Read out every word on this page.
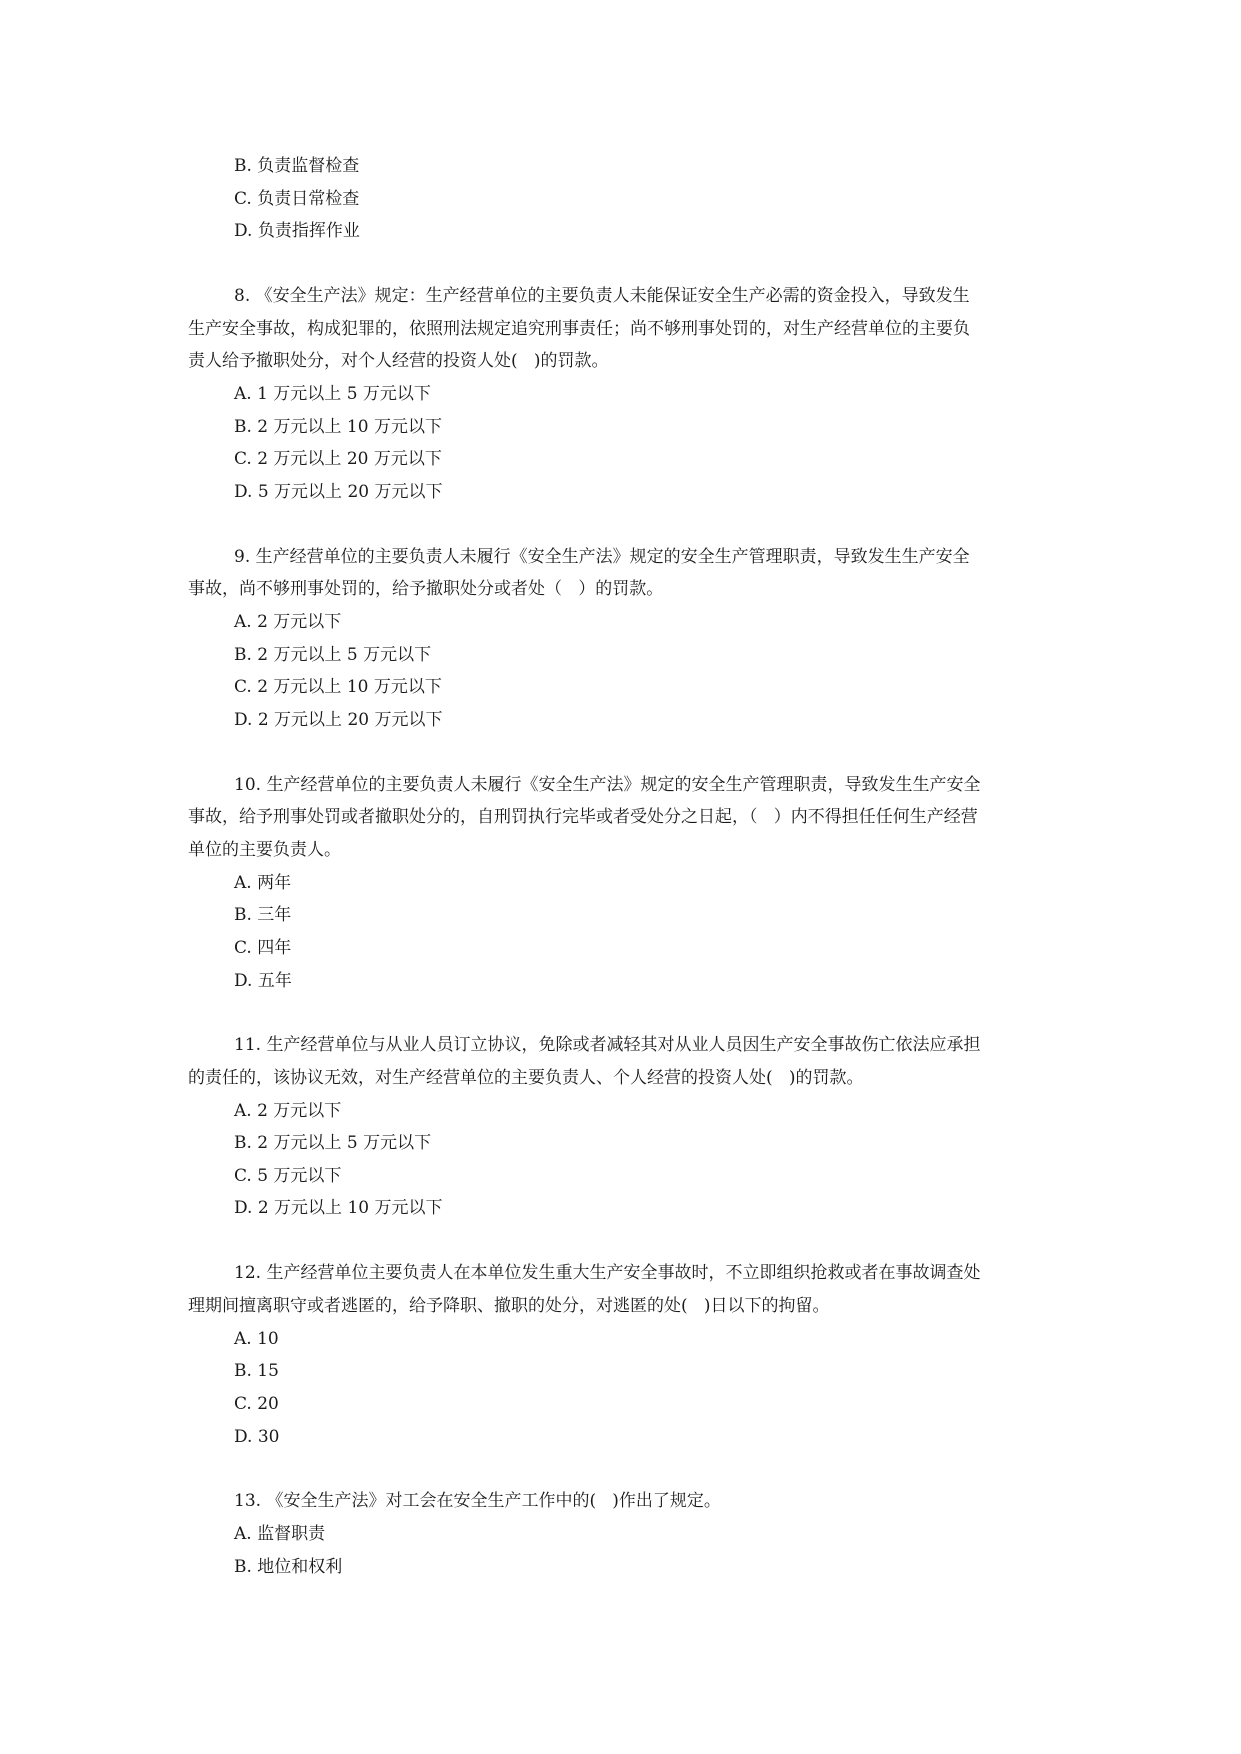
B. 负责监督检查
C. 负责日常检查
D. 负责指挥作业
8. 《安全生产法》规定：生产经营单位的主要负责人未能保证安全生产必需的资金投入，导致发生
生产安全事故，构成犯罪的，依照刑法规定追究刑事责任；尚不够刑事处罚的，对生产经营单位的主要负
责人给予撤职处分，对个人经营的投资人处(   )的罚款。
A. 1 万元以上 5 万元以下
B. 2 万元以上 10 万元以下
C. 2 万元以上 20 万元以下
D. 5 万元以上 20 万元以下
9. 生产经营单位的主要负责人未履行《安全生产法》规定的安全生产管理职责，导致发生生产安全
事故，尚不够刑事处罚的，给予撤职处分或者处（   ）的罚款。
A. 2 万元以下
B. 2 万元以上 5 万元以下
C. 2 万元以上 10 万元以下
D. 2 万元以上 20 万元以下
10. 生产经营单位的主要负责人未履行《安全生产法》规定的安全生产管理职责，导致发生生产安全
事故，给予刑事处罚或者撤职处分的，自刑罚执行完毕或者受处分之日起，（   ）内不得担任任何生产经营
单位的主要负责人。
A. 两年
B. 三年
C. 四年
D. 五年
11. 生产经营单位与从业人员订立协议，免除或者减轻其对从业人员因生产安全事故伤亡依法应承担
的责任的，该协议无效，对生产经营单位的主要负责人、个人经营的投资人处(   )的罚款。
A. 2 万元以下
B. 2 万元以上 5 万元以下
C. 5 万元以下
D. 2 万元以上 10 万元以下
12. 生产经营单位主要负责人在本单位发生重大生产安全事故时，不立即组织抢救或者在事故调查处
理期间擅离职守或者逃匿的，给予降职、撤职的处分，对逃匿的处(   )日以下的拘留。
A. 10
B. 15
C. 20
D. 30
13. 《安全生产法》对工会在安全生产工作中的(   )作出了规定。
A. 监督职责
B. 地位和权利
